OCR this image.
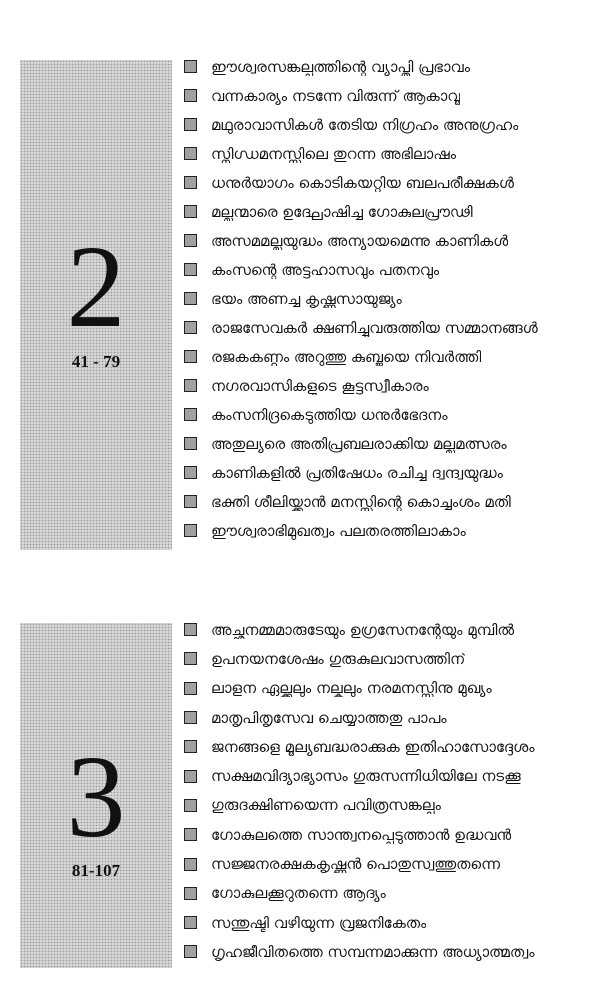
2
41 - 79
ഈശ്വരസങ്കല്പത്തിന്റെ വ്യാപ്തി പ്രഭാവം
വന്നകാര്യം നടന്നേ വിരുന്ന് ആകാവൂ
മഥുരാവാസികൾ തേടിയ നിഗ്രഹം അനുഗ്രഹം
സ്നിഗ്ധമനസ്സിലെ തുറന്ന അഭിലാഷം
ധനുർയാഗം കൊടികയറ്റിയ ബലപരീക്ഷകൾ
മല്ലന്മാരെ ഉദ്ഘോഷിച്ച ഗോകുലപ്രൗഢി
അസമമല്ലയുദ്ധം അന്യായമെന്നു കാണികൾ
കംസന്റെ അട്ടഹാസവും പതനവും
ഭയം അണച്ച കൃഷ്ണസായുജ്യം
രാജസേവകർ ക്ഷണിച്ചുവരുത്തിയ സമ്മാനങ്ങൾ
രജകകണ്ഠം അറുത്തു കുബ്ജയെ നിവർത്തി
നഗരവാസികളുടെ കൂട്ടസ്വീകാരം
കംസനിദ്രകെടുത്തിയ ധനുർഭേദനം
അതുല്യരെ അതിപ്രബലരാക്കിയ മല്ലമത്സരം
കാണികളിൽ പ്രതിഷേധം രചിച്ച ദ്വന്ദ്വയുദ്ധം
ഭക്തി ശീലിയ്ക്കാൻ മനസ്സിന്റെ കൊച്ചംശം മതി
ഈശ്വരാഭിമുഖത്വം പലതരത്തിലാകാം
3
81-107
അച്ഛനമ്മമാരുടേയും ഉഗ്രസേനന്റേയും മുമ്പിൽ
ഉപനയനശേഷം ഗുരുകുലവാസത്തിന്
ലാളന ഏല്ക്കലും നല്കലും നരമനസ്സിനു മുഖ്യം
മാതൃപിതൃസേവ ചെയ്യാത്തതു പാപം
ജനങ്ങളെ മൂല്യബദ്ധരാക്കുക ഇതിഹാസോദ്ദേശം
സക്ഷമവിദ്യാഭ്യാസം ഗുരുസന്നിധിയിലേ നടക്കൂ
ഗുരുദക്ഷിണയെന്ന പവിത്രസങ്കല്പം
ഗോകുലത്തെ സാന്ത്വനപ്പെടുത്താൻ ഉദ്ധവൻ
സജ്ജനരക്ഷകകൃഷ്ണൻ പൊതുസ്വത്തുതന്നെ
ഗോകുലക്കൂറുതന്നെ ആദ്യം
സന്തുഷ്ടി വഴിയുന്ന വ്രജനികേതം
ഗൃഹജീവിതത്തെ സമ്പന്നമാക്കുന്ന അധ്യാത്മത്വം
